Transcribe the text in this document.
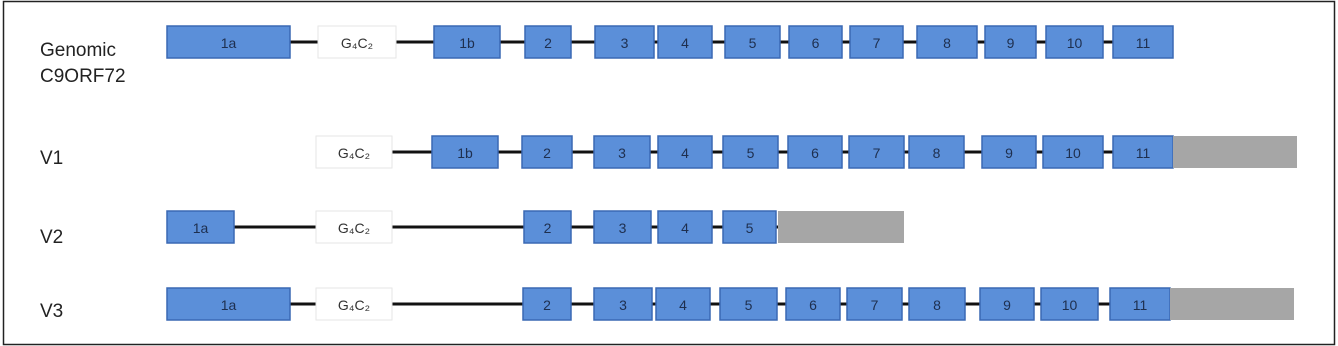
Genomic
C9ORF72
V1
V2
V3
1a	G₄C₂	1b	2	3	4	5	6	7	8	9	10	11
G₄C₂	1b	2	3	4	5	6	7	8	9	10	11
1a	G₄C₂	2	3	4	5
1a	G₄C₂	2	3	4	5	6	7	8	9	10	11
